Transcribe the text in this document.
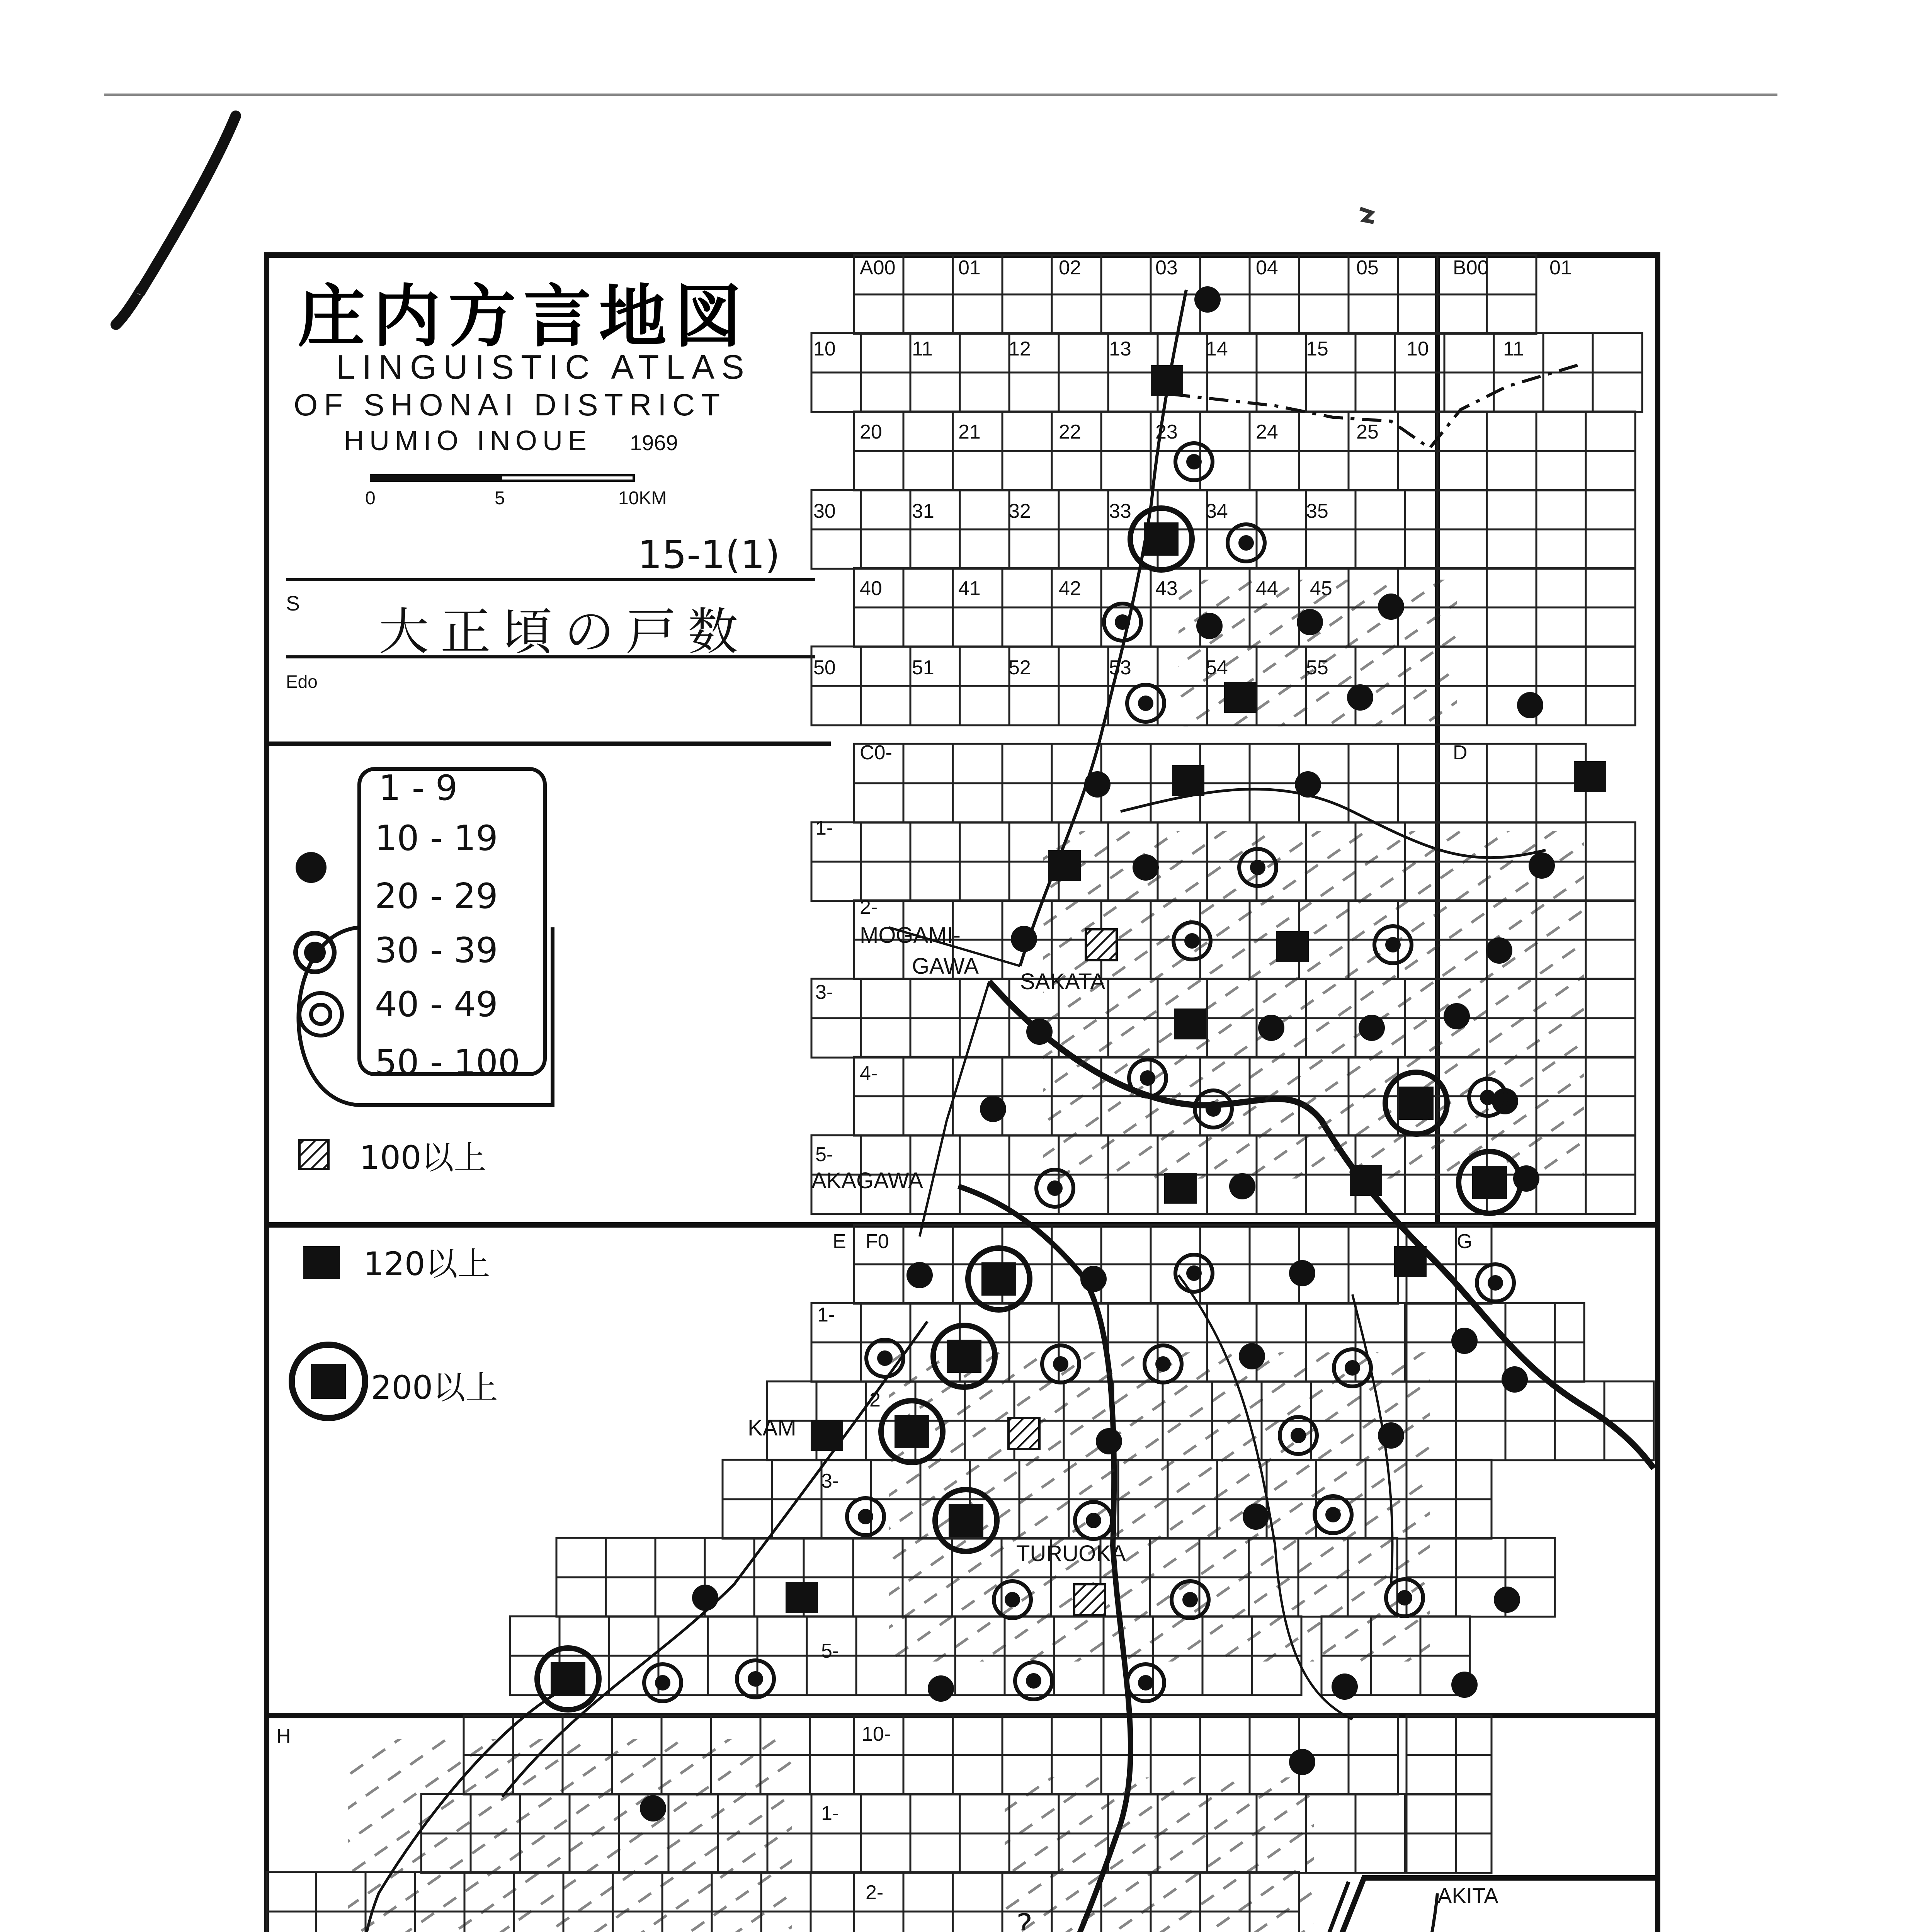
庄内方言地図
LINGUISTIC ATLAS
OF SHONAI DISTRICT
HUMIO INOUE 1969
0	5	10KM
15-1(1)
S 大正頃の戸数
Edo
1 - 9
10 - 19
20 - 29
30 - 39
40 - 49
50 - 100
100以上
120以上
200以上
A00	01	02	03	04	05	B00	01
10	11	12	13	14	15	10	11
20	21	22	23	24	25
30	31	32	33	34	35
40	41	42	43
50	51	52	53
C0-	D
1-
2-
3-
4-
5-
E F0	G
H
1-
2
3-
5-
10-
1-
2-
MOGAMI-
GAWA
SAKATA
AKAGAWA
KAM
TURUOKA
AKITA
